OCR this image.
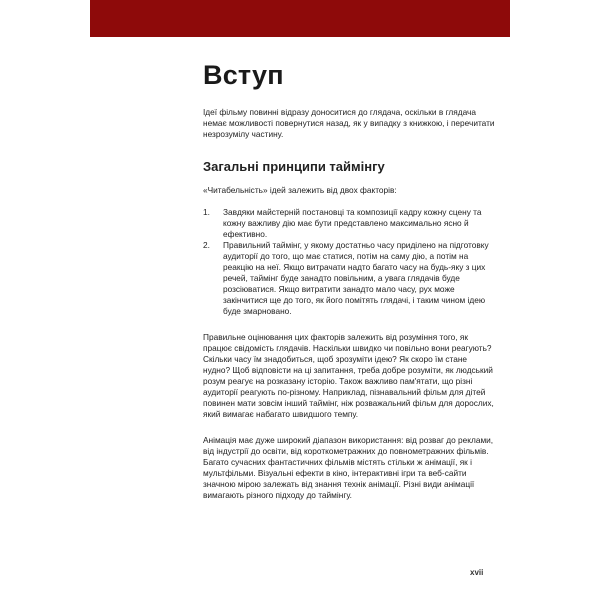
Вступ

Ідеї фільму повинні відразу доноситися до глядача, оскільки в глядача немає можливості повернутися назад, як у випадку з книжкою, і перечитати незрозумілу частину.

Загальні принципи таймінгу

«Читабельність» ідей залежить від двох факторів:

1. Завдяки майстерній постановці та композиції кадру кожну сцену та кожну важливу дію має бути представлено максимально ясно й ефективно.
2. Правильний таймінг, у якому достатньо часу приділено на підготовку аудиторії до того, що має статися, потім на саму дію, а потім на реакцію на неї. Якщо витрачати надто багато часу на будь-яку з цих речей, таймінг буде занадто повільним, а увага глядачів буде розсіюватися. Якщо витратити занадто мало часу, рух може закінчитися ще до того, як його помітять глядачі, і таким чином ідею буде змарновано.

Правильне оцінювання цих факторів залежить від розуміння того, як працює свідомість глядачів. Наскільки швидко чи повільно вони реагують? Скільки часу їм знадобиться, щоб зрозуміти ідею? Як скоро їм стане нудно? Щоб відповісти на ці запитання, треба добре розуміти, як людський розум реагує на розказану історію. Також важливо пам'ятати, що різні аудиторії реагують по-різному. Наприклад, пізнавальний фільм для дітей повинен мати зовсім інший таймінг, ніж розважальний фільм для дорослих, який вимагає набагато швидшого темпу.

Анімація має дуже широкий діапазон використання: від розваг до реклами, від індустрії до освіти, від короткометражних до повнометражних фільмів. Багато сучасних фантастичних фільмів містять стільки ж анімації, як і мультфільми. Візуальні ефекти в кіно, інтерактивні ігри та веб-сайти значною мірою залежать від знання технік анімації. Різні види анімації вимагають різного підходу до таймінгу.

xvii
